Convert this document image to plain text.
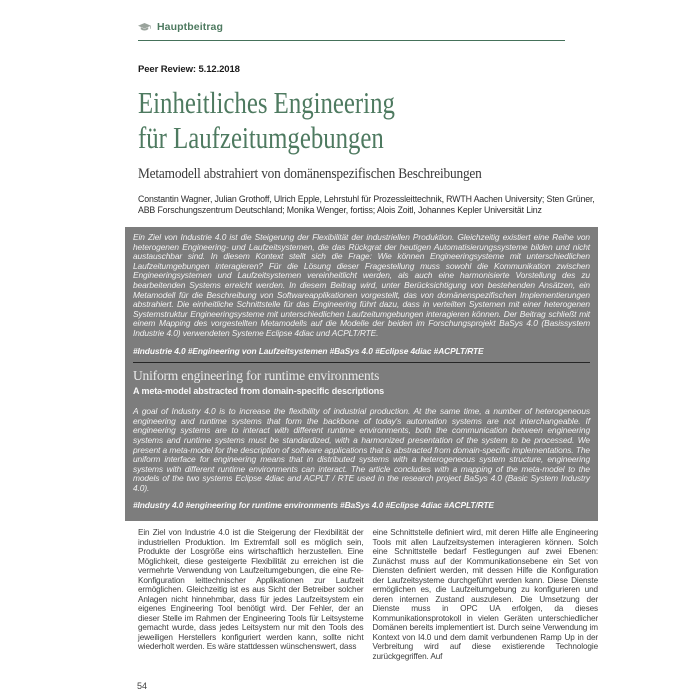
Hauptbeitrag
Peer Review: 5.12.2018
Einheitliches Engineering
für Laufzeitumgebungen
Metamodell abstrahiert von domänenspezifischen Beschreibungen
Constantin Wagner, Julian Grothoff, Ulrich Epple, Lehrstuhl für Prozessleittechnik, RWTH Aachen University; Sten Grüner, ABB Forschungszentrum Deutschland; Monika Wenger, fortiss; Alois Zoitl, Johannes Kepler Universität Linz

Ein Ziel von Industrie 4.0 ist die Steigerung der Flexibilität der industriellen Produktion. Gleichzeitig existiert eine Reihe von heterogenen Engineering- und Laufzeitsystemen, die das Rückgrat der heutigen Automatisierungssysteme bilden und nicht austauschbar sind. In diesem Kontext stellt sich die Frage: Wie können Engineeringsysteme mit unterschiedlichen Laufzeitumgebungen interagieren? Für die Lösung dieser Fragestellung muss sowohl die Kommunikation zwischen Engineeringsystemen und Laufzeitsystemen vereinheitlicht werden, als auch eine harmonisierte Vorstellung des zu bearbeitenden Systems erreicht werden. In diesem Beitrag wird, unter Berücksichtigung von bestehenden Ansätzen, ein Metamodell für die Beschreibung von Softwareapplikationen vorgestellt, das von domänenspezifischen Implementierungen abstrahiert. Die einheitliche Schnittstelle für das Engineering führt dazu, dass in verteilten Systemen mit einer heterogenen Systemstruktur Engineeringsysteme mit unterschiedlichen Laufzeitumgebungen interagieren können. Der Beitrag schließt mit einem Mapping des vorgestellten Metamodells auf die Modelle der beiden im Forschungsprojekt BaSys 4.0 (Basissystem Industrie 4.0) verwendeten Systeme Eclipse 4diac und ACPLT/RTE.

#Industrie 4.0 #Engineering von Laufzeitsystemen #BaSys 4.0 #Eclipse 4diac #ACPLT/RTE

Uniform engineering for runtime environments
A meta-model abstracted from domain-specific descriptions

A goal of Industry 4.0 is to increase the flexibility of industrial production. At the same time, a number of heterogeneous engineering and runtime systems that form the backbone of today's automation systems are not interchangeable. If engineering systems are to interact with different runtime environments, both the communication between engineering systems and runtime systems must be standardized, with a harmonized presentation of the system to be processed. We present a meta-model for the description of software applications that is abstracted from domain-specific implementations. The uniform interface for engineering means that in distributed systems with a heterogeneous system structure, engineering systems with different runtime environments can interact. The article concludes with a mapping of the meta-model to the models of the two systems Eclipse 4diac and ACPLT / RTE used in the research project BaSys 4.0 (Basic System Industry 4.0).

#Industry 4.0 #engineering for runtime environments #BaSys 4.0 #Eclipse 4diac #ACPLT/RTE

Ein Ziel von Industrie 4.0 ist die Steigerung der Flexibilität der industriellen Produktion. Im Extremfall soll es möglich sein, Produkte der Losgröße eins wirtschaftlich herzustellen. Eine Möglichkeit, diese gesteigerte Flexibilität zu erreichen ist die vermehrte Verwendung von Laufzeitumgebungen, die eine Re-Konfiguration leittechnischer Applikationen zur Laufzeit ermöglichen. Gleichzeitig ist es aus Sicht der Betreiber solcher Anlagen nicht hinnehmbar, dass für jedes Laufzeitsystem ein eigenes Engineering Tool benötigt wird. Der Fehler, der an dieser Stelle im Rahmen der Engineering Tools für Leitsysteme gemacht wurde, dass jedes Leitsystem nur mit den Tools des jeweiligen Herstellers konfiguriert werden kann, sollte nicht wiederholt werden. Es wäre stattdessen wünschenswert, dass
eine Schnittstelle definiert wird, mit deren Hilfe alle Engineering Tools mit allen Laufzeitsystemen interagieren können. Solch eine Schnittstelle bedarf Festlegungen auf zwei Ebenen: Zunächst muss auf der Kommunikationsebene ein Set von Diensten definiert werden, mit dessen Hilfe die Konfiguration der Laufzeitsysteme durchgeführt werden kann. Diese Dienste ermöglichen es, die Laufzeitumgebung zu konfigurieren und deren internen Zustand auszulesen. Die Umsetzung der Dienste muss in OPC UA erfolgen, da dieses Kommunikationsprotokoll in vielen Geräten unterschiedlicher Domänen bereits implementiert ist. Durch seine Verwendung im Kontext von I4.0 und dem damit verbundenen Ramp Up in der Verbreitung wird auf diese existierende Technologie zurückgegriffen. Auf
54
